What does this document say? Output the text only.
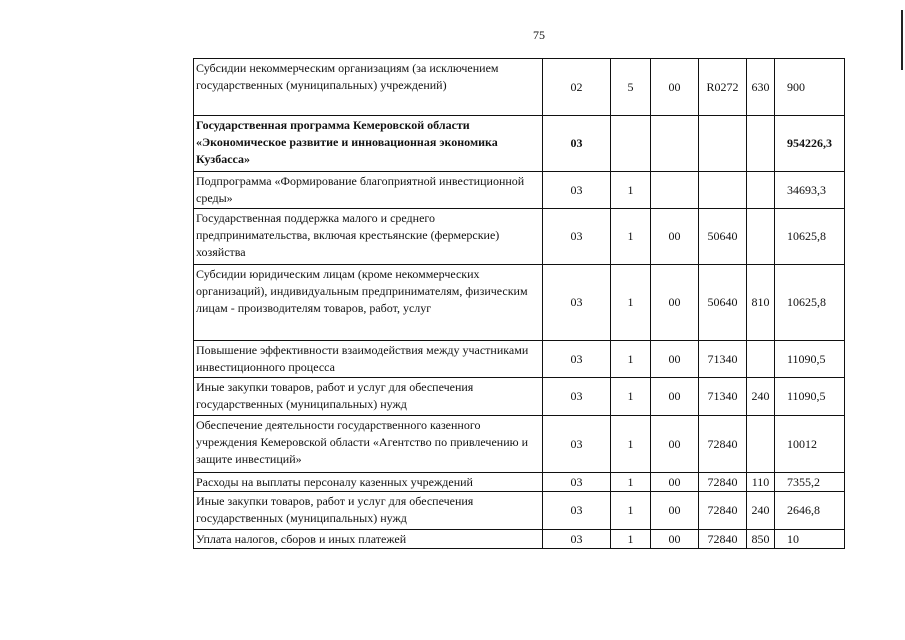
75
Субсидии некоммерческим организациям (за исключением государственных (муниципальных) учреждений)	02	5	00	R0272	630	900
Государственная программа Кемеровской области «Экономическое развитие и инновационная экономика Кузбасса»	03					954226,3
Подпрограмма «Формирование благоприятной инвестиционной среды»	03	1				34693,3
Государственная поддержка малого и среднего предпринимательства, включая крестьянские (фермерские) хозяйства	03	1	00	50640		10625,8
Субсидии юридическим лицам (кроме некоммерческих организаций), индивидуальным предпринимателям, физическим лицам - производителям товаров, работ, услуг	03	1	00	50640	810	10625,8
Повышение эффективности взаимодействия между участниками инвестиционного процесса	03	1	00	71340		11090,5
Иные закупки товаров, работ и услуг для обеспечения государственных (муниципальных) нужд	03	1	00	71340	240	11090,5
Обеспечение деятельности государственного казенного учреждения Кемеровской области «Агентство по привлечению и защите инвестиций»	03	1	00	72840		10012
Расходы на выплаты персоналу казенных учреждений	03	1	00	72840	110	7355,2
Иные закупки товаров, работ и услуг для обеспечения государственных (муниципальных) нужд	03	1	00	72840	240	2646,8
Уплата налогов, сборов и иных платежей	03	1	00	72840	850	10
